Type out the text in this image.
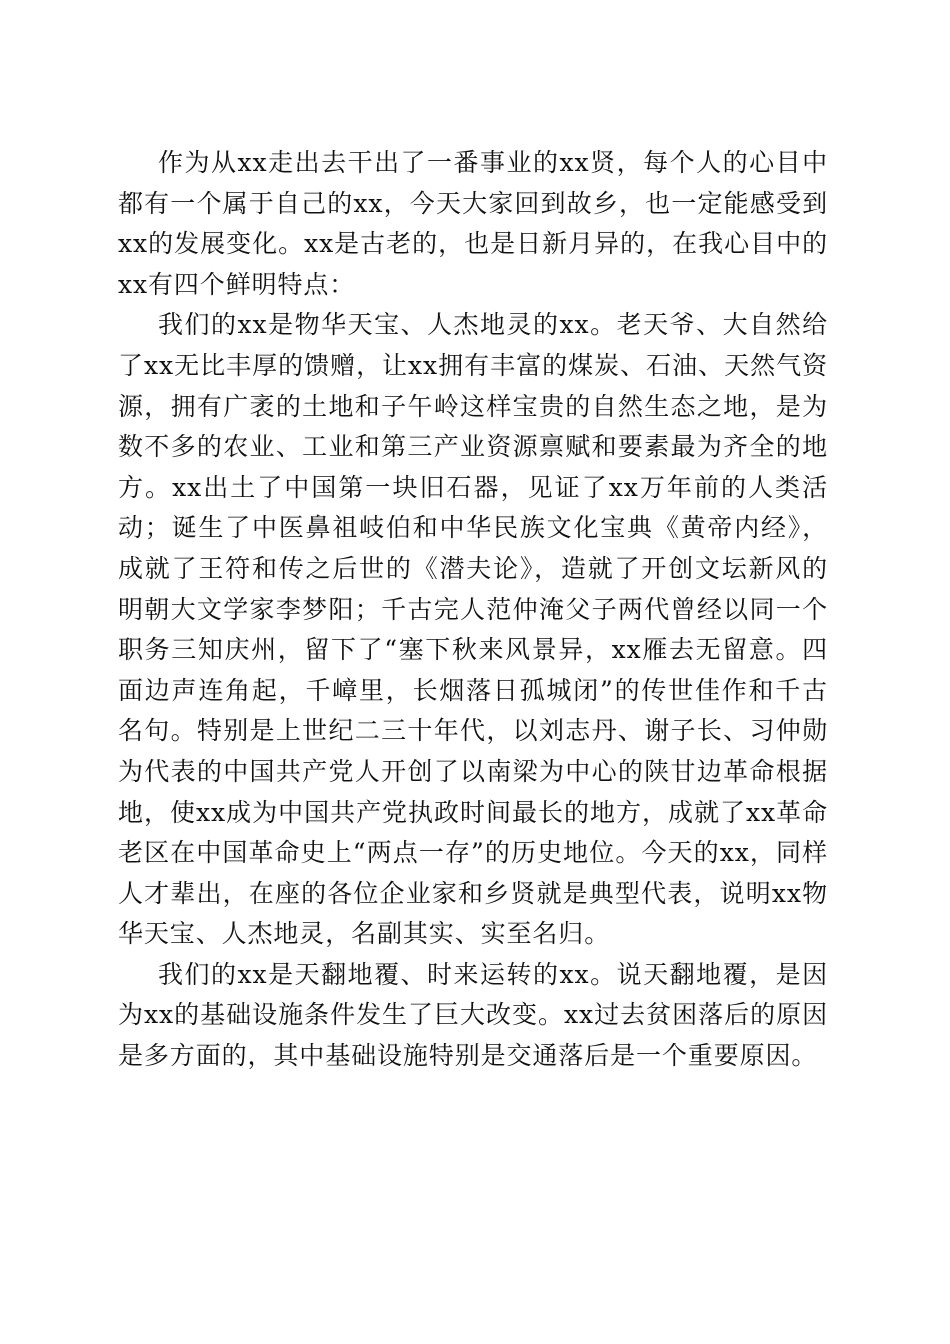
作为从xx走出去干出了一番事业的xx贤，每个人的心目中都有一个属于自己的xx，今天大家回到故乡，也一定能感受到xx的发展变化。xx是古老的，也是日新月异的，在我心目中的xx有四个鲜明特点：

我们的xx是物华天宝、人杰地灵的xx。老天爷、大自然给了xx无比丰厚的馈赠，让xx拥有丰富的煤炭、石油、天然气资源，拥有广袤的土地和子午岭这样宝贵的自然生态之地，是为数不多的农业、工业和第三产业资源禀赋和要素最为齐全的地方。xx出土了中国第一块旧石器，见证了xx万年前的人类活动；诞生了中医鼻祖岐伯和中华民族文化宝典《黄帝内经》，成就了王符和传之后世的《潜夫论》，造就了开创文坛新风的明朝大文学家李梦阳；千古完人范仲淹父子两代曾经以同一个职务三知庆州，留下了“塞下秋来风景异，xx雁去无留意。四面边声连角起，千嶂里，长烟落日孤城闭”的传世佳作和千古名句。特别是上世纪二三十年代，以刘志丹、谢子长、习仲勋为代表的中国共产党人开创了以南梁为中心的陕甘边革命根据地，使xx成为中国共产党执政时间最长的地方，成就了xx革命老区在中国革命史上“两点一存”的历史地位。今天的xx，同样人才辈出，在座的各位企业家和乡贤就是典型代表，说明xx物华天宝、人杰地灵，名副其实、实至名归。

我们的xx是天翻地覆、时来运转的xx。说天翻地覆，是因为xx的基础设施条件发生了巨大改变。xx过去贫困落后的原因是多方面的，其中基础设施特别是交通落后是一个重要原因。
